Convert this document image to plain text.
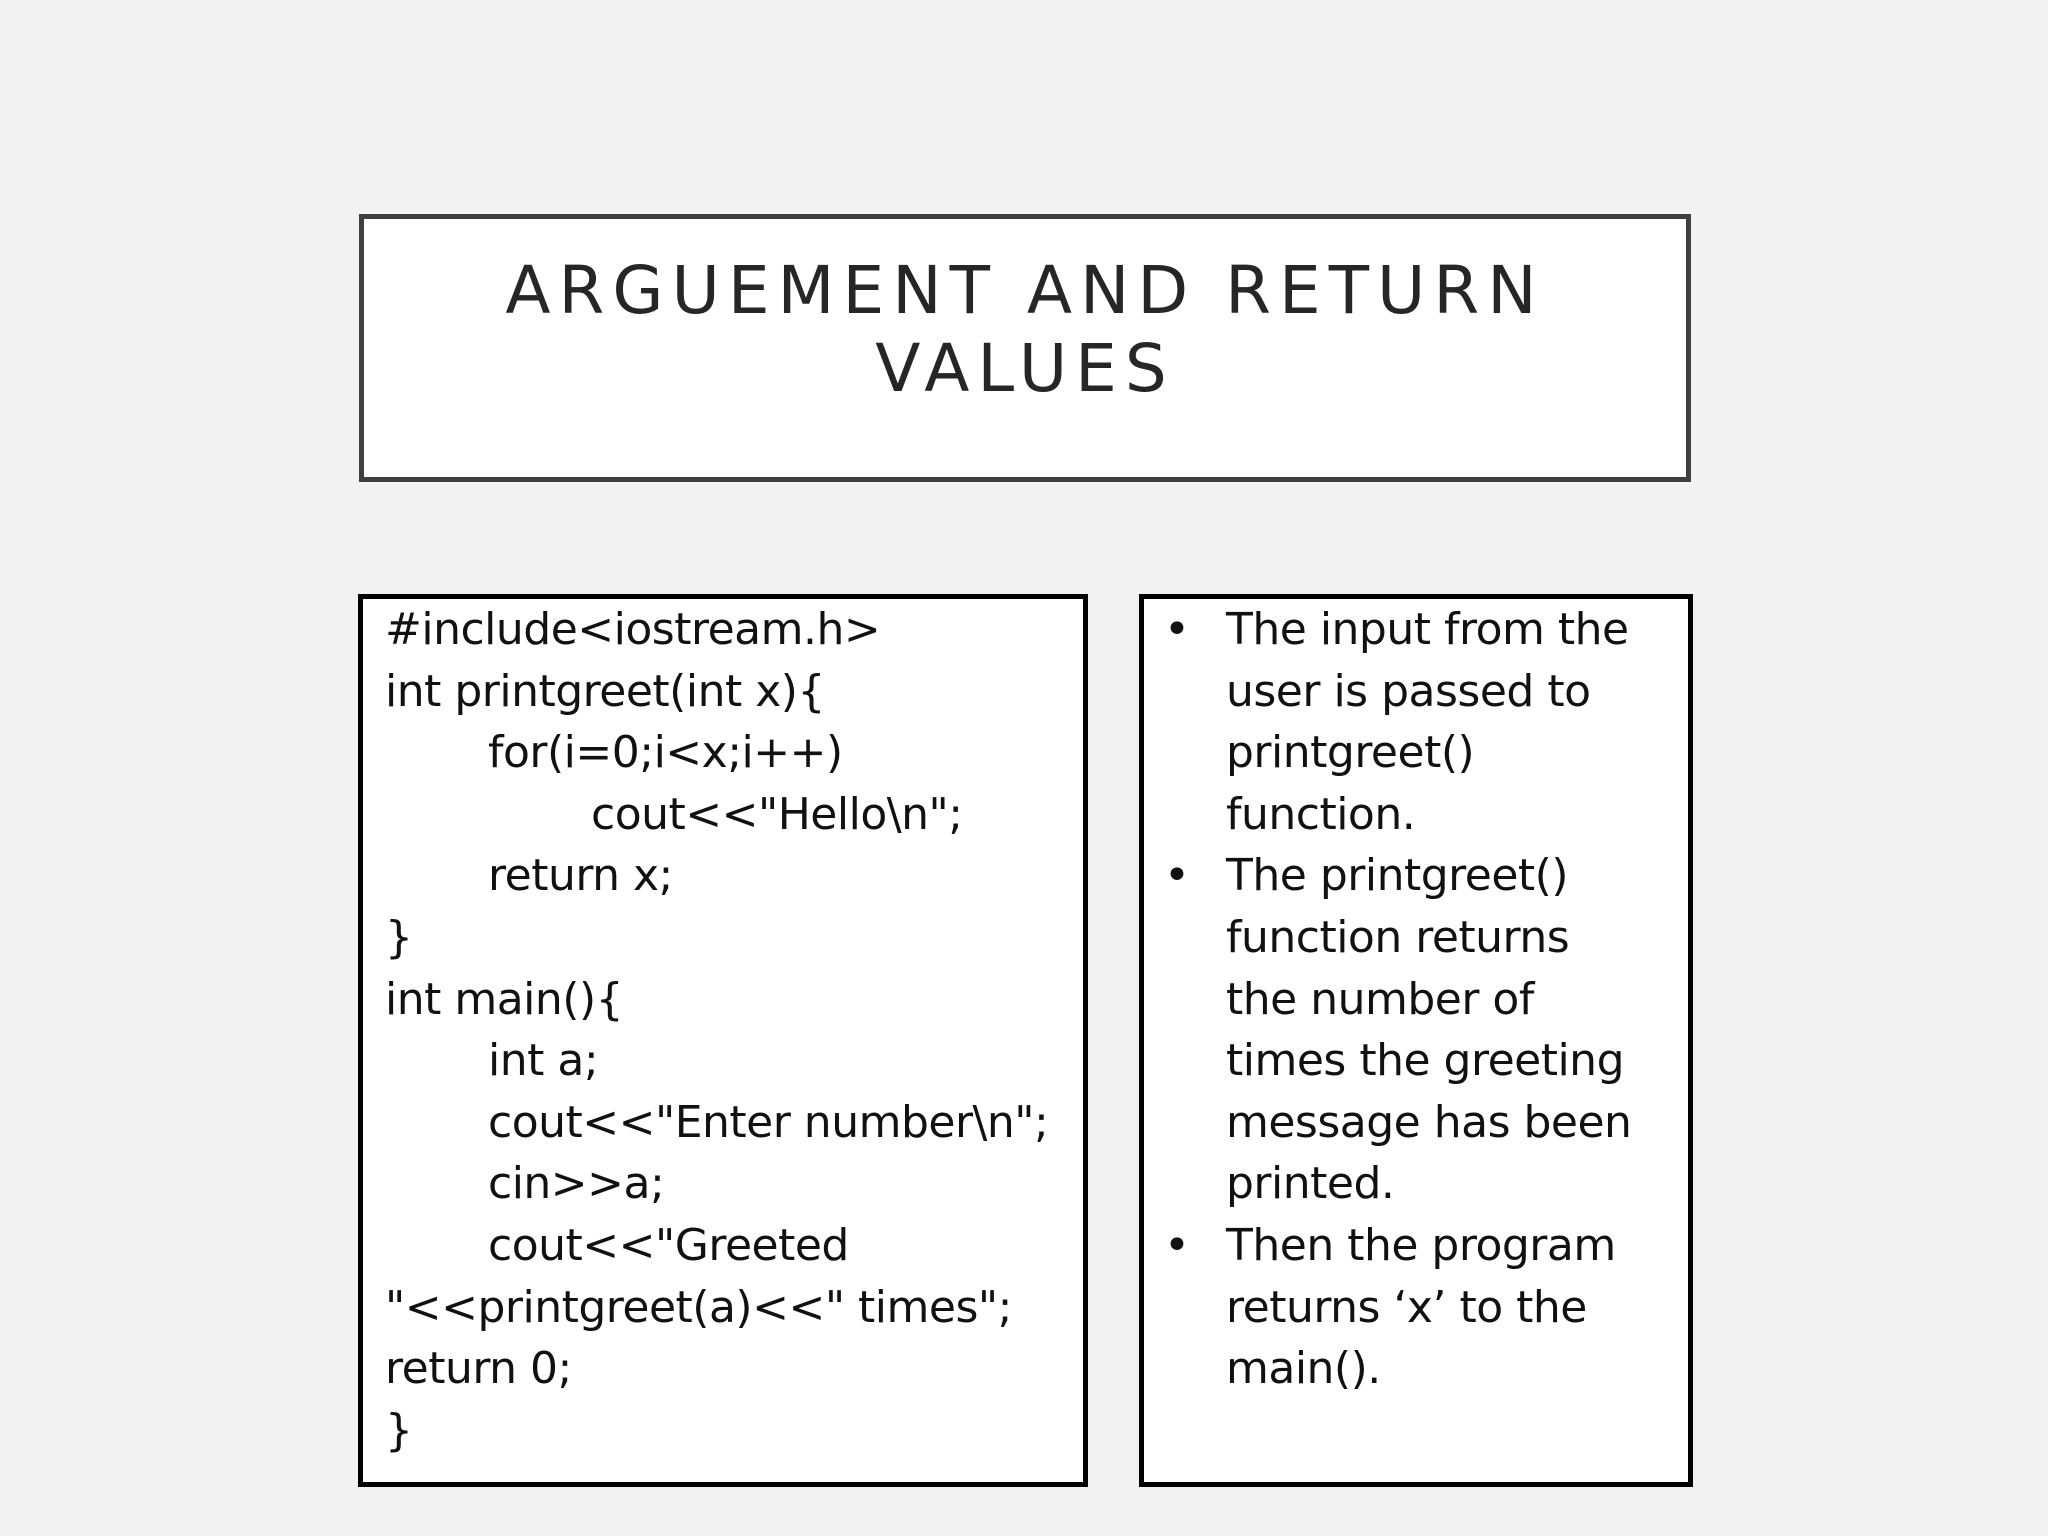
ARGUEMENT AND RETURN
VALUES
#include<iostream.h>
int printgreet(int x){
for(i=0;i<x;i++)
cout<<"Hello\n";
return x;
}
int main(){
int a;
cout<<"Enter number\n";
cin>>a;
cout<<"Greeted
"<<printgreet(a)<<" times";
return 0;
}
• The input from the
user is passed to
printgreet()
function.
• The printgreet()
function returns
the number of
times the greeting
message has been
printed.
• Then the program
returns ‘x’ to the
main().
